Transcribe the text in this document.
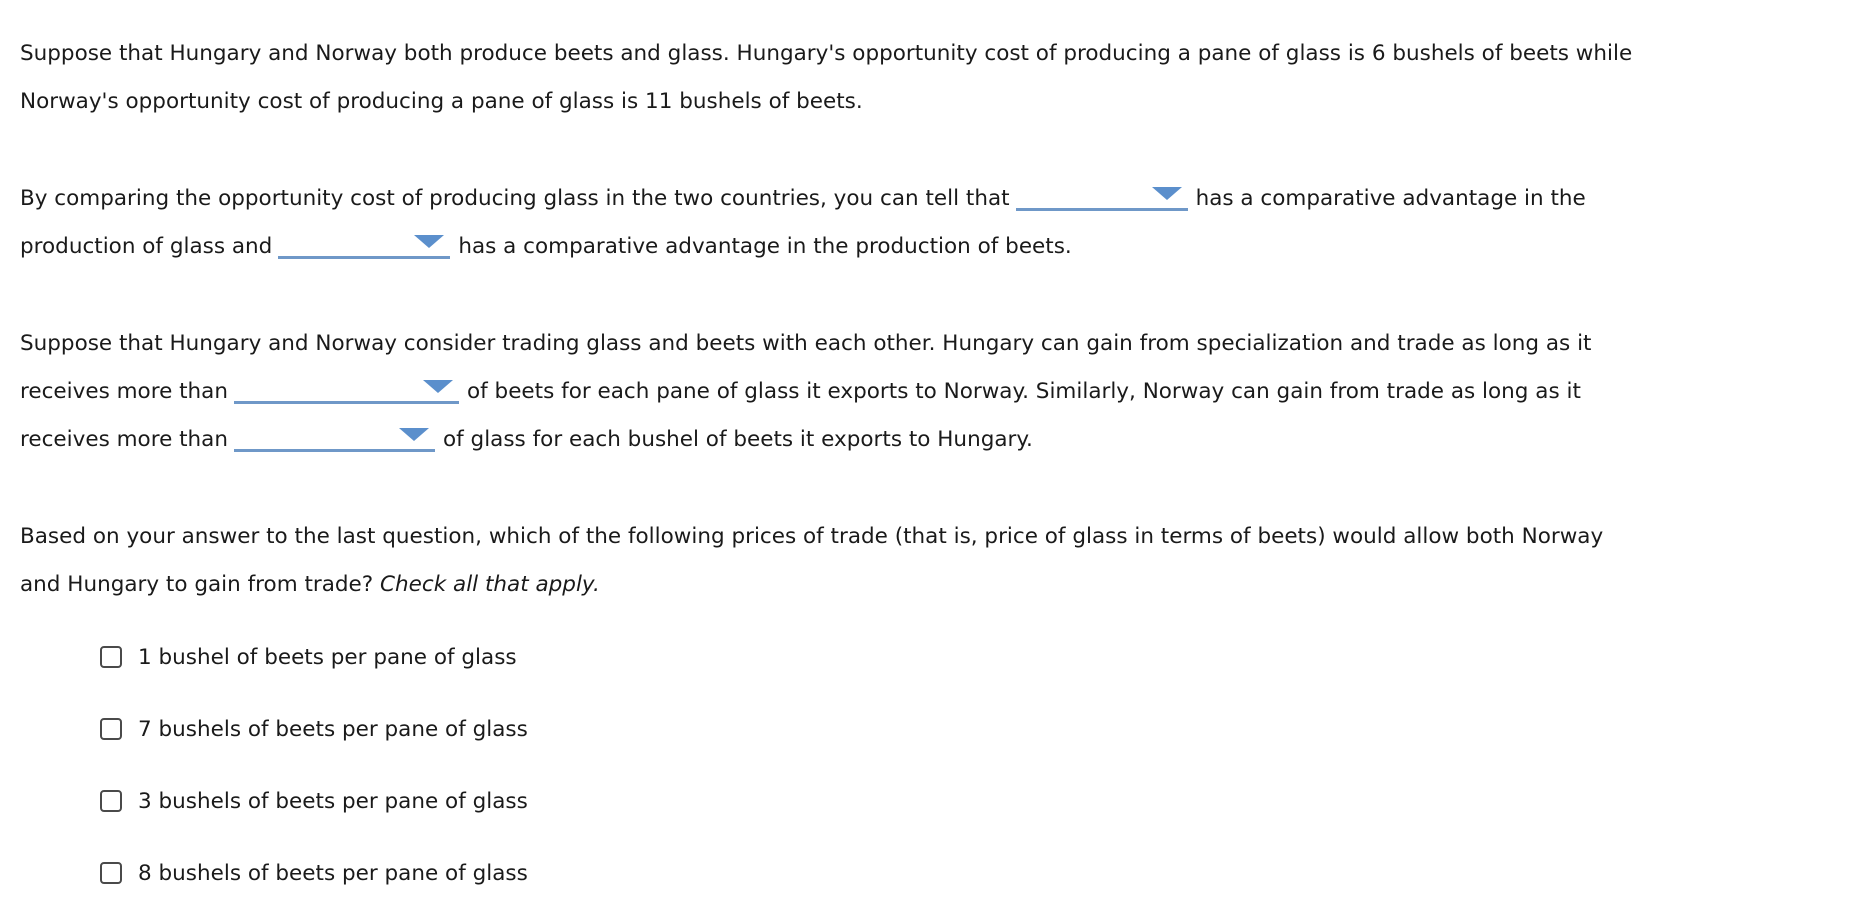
Suppose that Hungary and Norway both produce beets and glass. Hungary's opportunity cost of producing a pane of glass is 6 bushels of beets while
Norway's opportunity cost of producing a pane of glass is 11 bushels of beets.
By comparing the opportunity cost of producing glass in the two countries, you can tell that	has a comparative advantage in the
production of glass and	has a comparative advantage in the production of beets.
Suppose that Hungary and Norway consider trading glass and beets with each other. Hungary can gain from specialization and trade as long as it
receives more than	of beets for each pane of glass it exports to Norway. Similarly, Norway can gain from trade as long as it
receives more than	of glass for each bushel of beets it exports to Hungary.
Based on your answer to the last question, which of the following prices of trade (that is, price of glass in terms of beets) would allow both Norway
and Hungary to gain from trade? Check all that apply.
1 bushel of beets per pane of glass
7 bushels of beets per pane of glass
3 bushels of beets per pane of glass
8 bushels of beets per pane of glass
